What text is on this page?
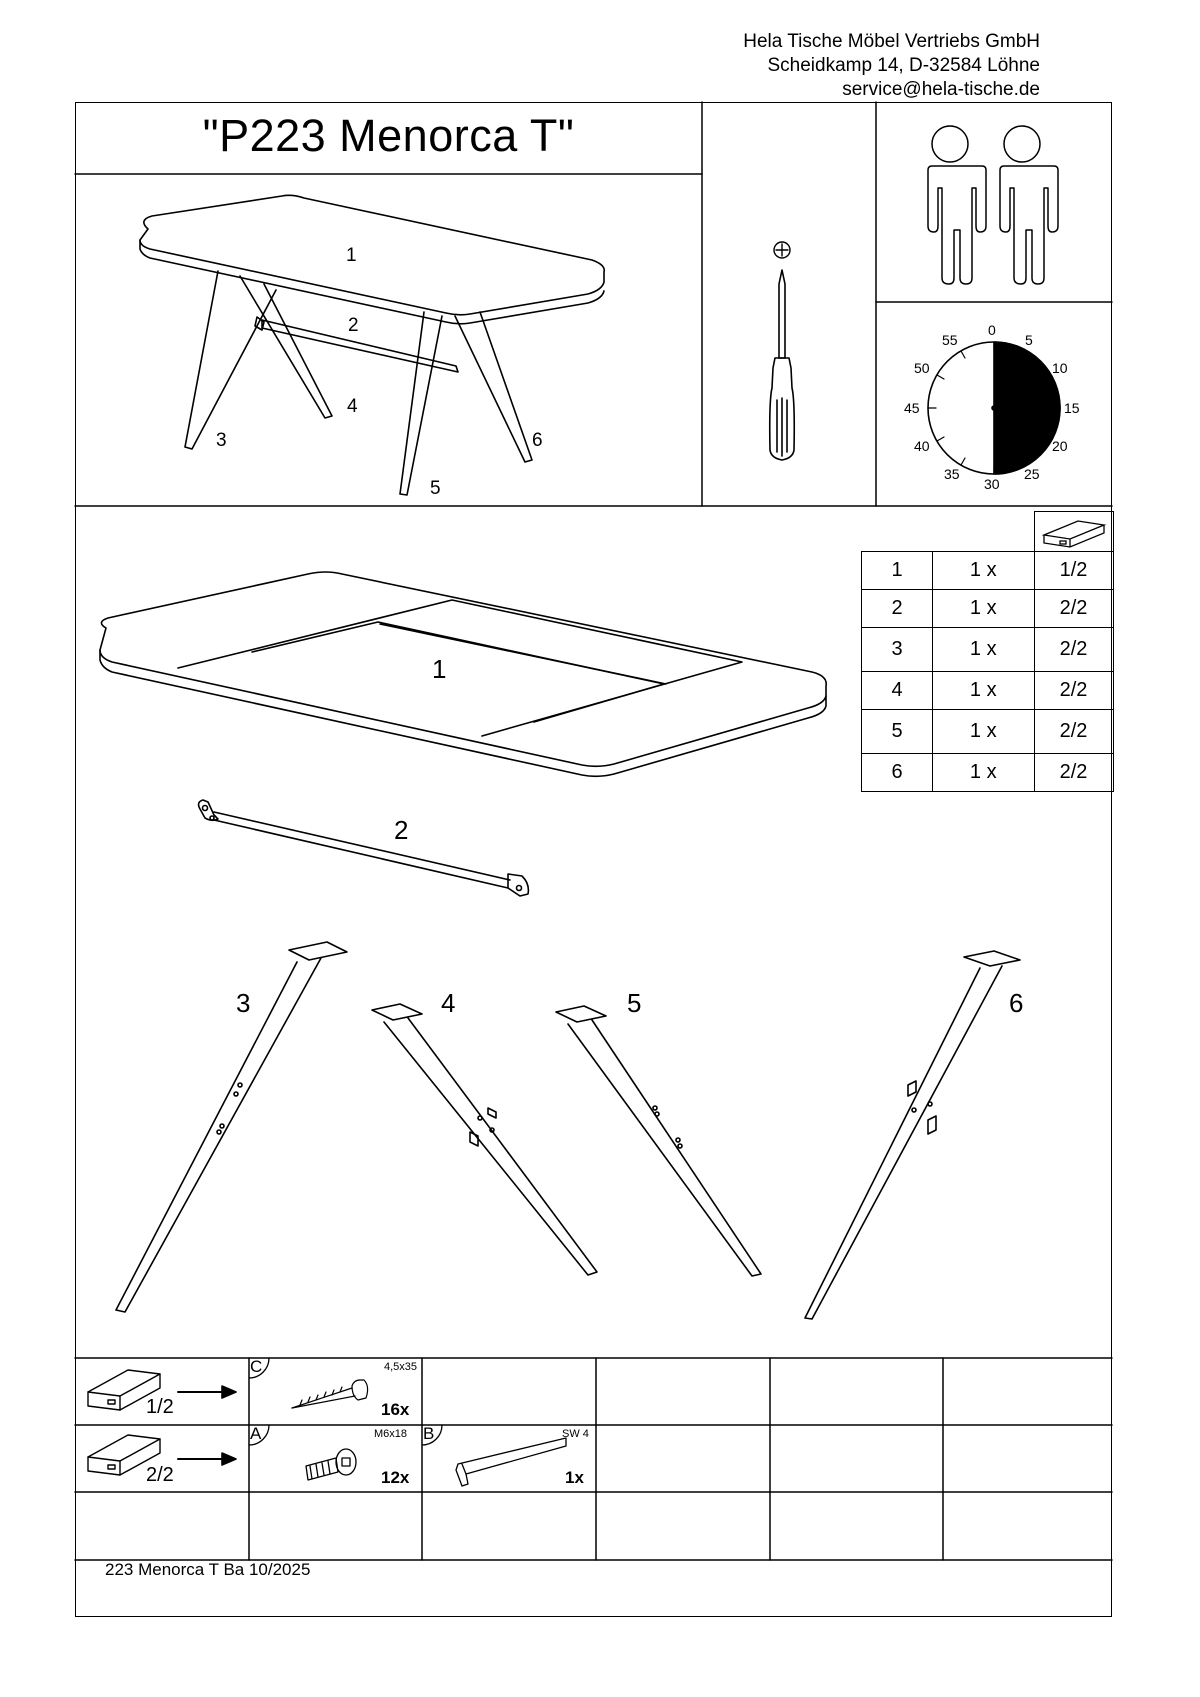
Hela Tische Möbel Vertriebs GmbH
Scheidkamp 14, D-32584 Löhne
service@hela-tische.de
"P223 Menorca T"
1
2
3
4
5
6
0
5
10
15
20
25
30
35
40
45
50
55

1	1 x	1/2
2	1 x	2/2
3	1 x	2/2
4	1 x	2/2
5	1 x	2/2
6	1 x	2/2
1
2
3	4	5	6
1/2
2/2
C	4,5x35
16x
A	M6x18
12x
B	SW 4
1x
223 Menorca T Ba 10/2025
